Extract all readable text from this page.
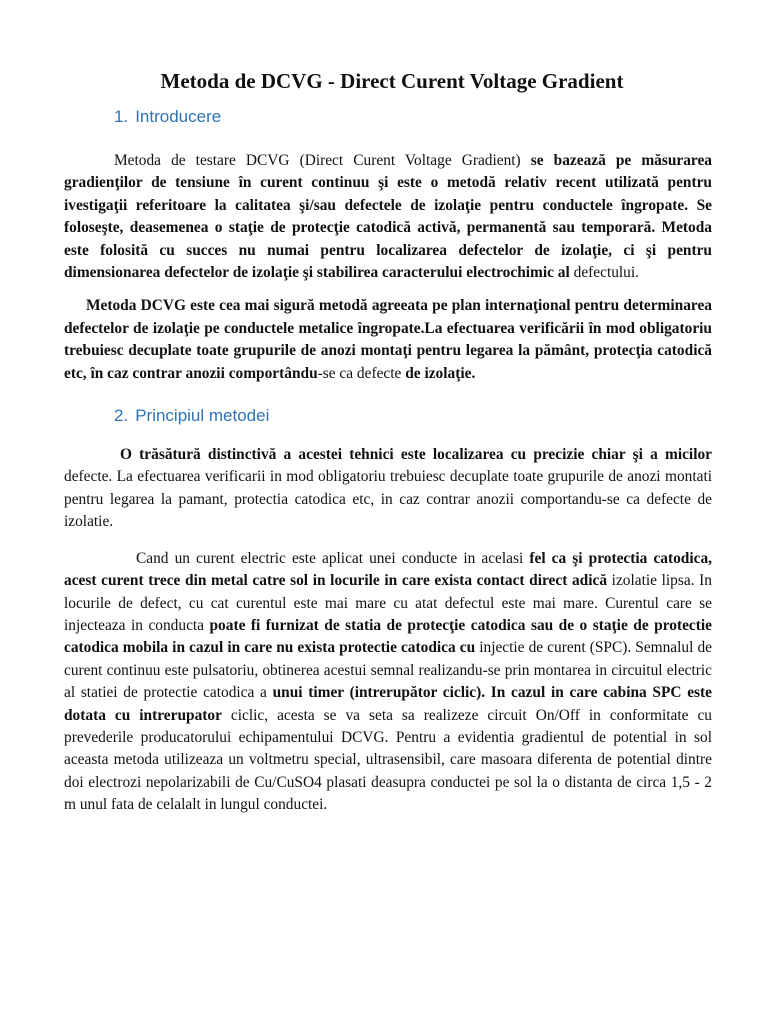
Metoda de DCVG - Direct Curent Voltage Gradient
1. Introducere

Metoda de testare DCVG (Direct Curent Voltage Gradient) se bazează pe măsurarea gradienţilor de tensiune în curent continuu şi este o metodă relativ recent utilizată pentru ivestigaţii referitoare la calitatea şi/sau defectele de izolaţie pentru conductele îngropate. Se foloseşte, deasemenea o staţie de protecţie catodică activă, permanentă sau temporară. Metoda este folosită cu succes nu numai pentru localizarea defectelor de izolaţie, ci şi pentru dimensionarea defectelor de izolaţie şi stabilirea caracterului electrochimic al defectului.

Metoda DCVG este cea mai sigură metodă agreeata pe plan internaţional pentru determinarea defectelor de izolaţie pe conductele metalice îngropate.La efectuarea verificării în mod obligatoriu trebuiesc decuplate toate grupurile de anozi montaţi pentru legarea la pământ, protecţia catodică etc, în caz contrar anozii comportându-se ca defecte de izolaţie.

2. Principiul metodei

O trăsătură distinctivă a acestei tehnici este localizarea cu precizie chiar şi a micilor defecte. La efectuarea verificarii in mod obligatoriu trebuiesc decuplate toate grupurile de anozi montati pentru legarea la pamant, protectia catodica etc, in caz contrar anozii comportandu-se ca defecte de izolatie.

Cand un curent electric este aplicat unei conducte in acelasi fel ca şi protectia catodica, acest curent trece din metal catre sol in locurile in care exista contact direct adică izolatie lipsa. In locurile de defect, cu cat curentul este mai mare cu atat defectul este mai mare. Curentul care se injecteaza in conducta poate fi furnizat de statia de protecţie catodica sau de o staţie de protectie catodica mobila in cazul in care nu exista protectie catodica cu injectie de curent (SPC). Semnalul de curent continuu este pulsatoriu, obtinerea acestui semnal realizandu-se prin montarea in circuitul electric al statiei de protectie catodica a unui timer (intrerupător ciclic). In cazul in care cabina SPC este dotata cu intrerupator ciclic, acesta se va seta sa realizeze circuit On/Off in conformitate cu prevederile producatorului echipamentului DCVG. Pentru a evidentia gradientul de potential in sol aceasta metoda utilizeaza un voltmetru special, ultrasensibil, care masoara diferenta de potential dintre doi electrozi nepolarizabili de Cu/CuSO4 plasati deasupra conductei pe sol la o distanta de circa 1,5 - 2 m unul fata de celalalt in lungul conductei.
